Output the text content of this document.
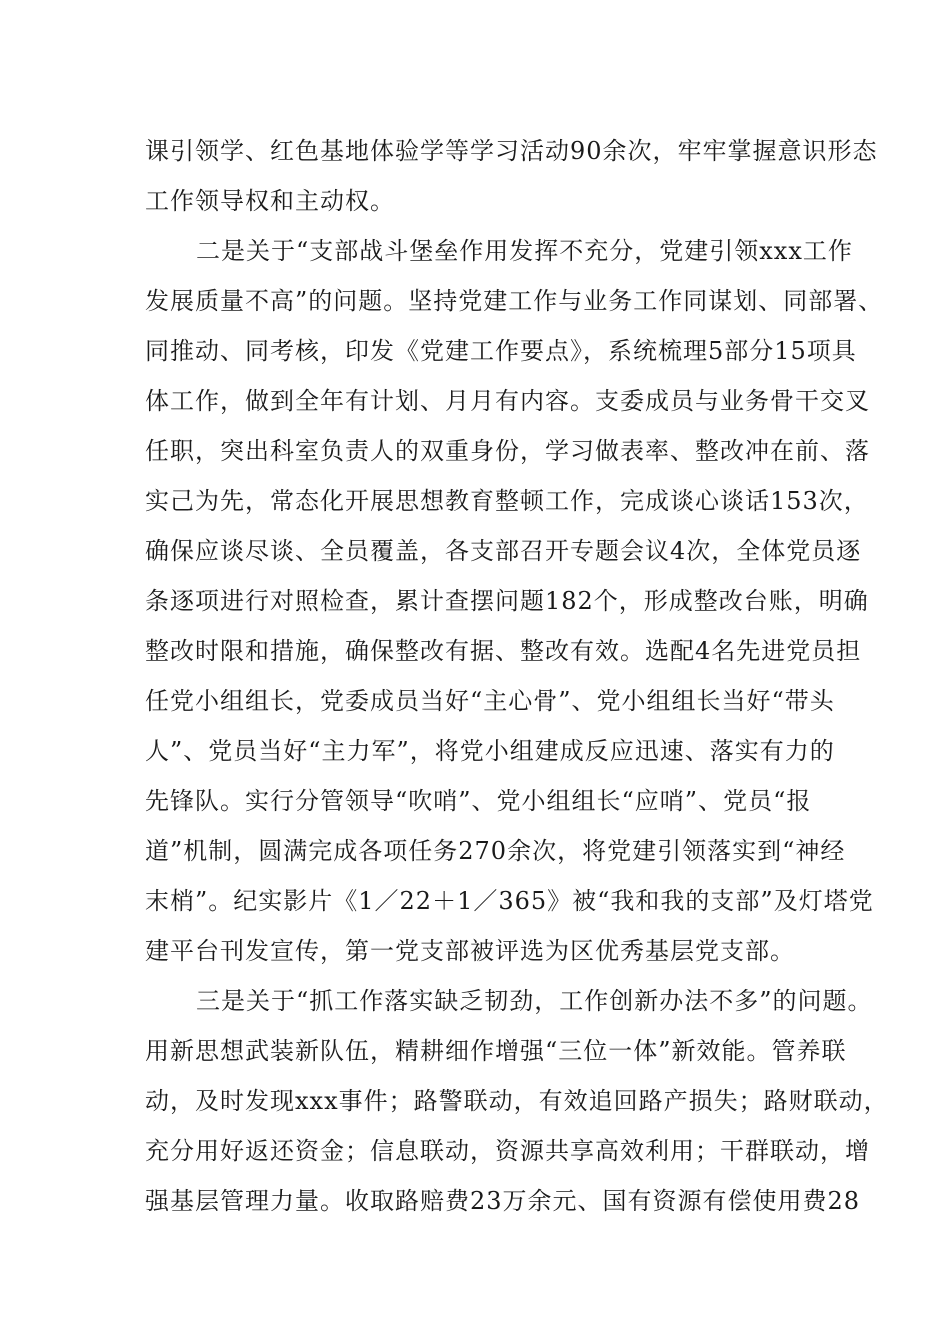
课引领学、红色基地体验学等学习活动90余次，牢牢掌握意识形态
工作领导权和主动权。
二是关于“支部战斗堡垒作用发挥不充分，党建引领xxx工作
发展质量不高”的问题。坚持党建工作与业务工作同谋划、同部署、
同推动、同考核，印发《党建工作要点》，系统梳理5部分15项具
体工作，做到全年有计划、月月有内容。支委成员与业务骨干交叉
任职，突出科室负责人的双重身份，学习做表率、整改冲在前、落
实己为先，常态化开展思想教育整顿工作，完成谈心谈话153次，
确保应谈尽谈、全员覆盖，各支部召开专题会议4次，全体党员逐
条逐项进行对照检查，累计查摆问题182个，形成整改台账，明确
整改时限和措施，确保整改有据、整改有效。选配4名先进党员担
任党小组组长，党委成员当好“主心骨”、党小组组长当好“带头
人”、党员当好“主力军”，将党小组建成反应迅速、落实有力的
先锋队。实行分管领导“吹哨”、党小组组长“应哨”、党员“报
道”机制，圆满完成各项任务270余次，将党建引领落实到“神经
末梢”。纪实影片《1／22＋1／365》被“我和我的支部”及灯塔党
建平台刊发宣传，第一党支部被评选为区优秀基层党支部。
三是关于“抓工作落实缺乏韧劲，工作创新办法不多”的问题。
用新思想武装新队伍，精耕细作增强“三位一体”新效能。管养联
动，及时发现xxx事件；路警联动，有效追回路产损失；路财联动，
充分用好返还资金；信息联动，资源共享高效利用；干群联动，增
强基层管理力量。收取路赔费23万余元、国有资源有偿使用费28
